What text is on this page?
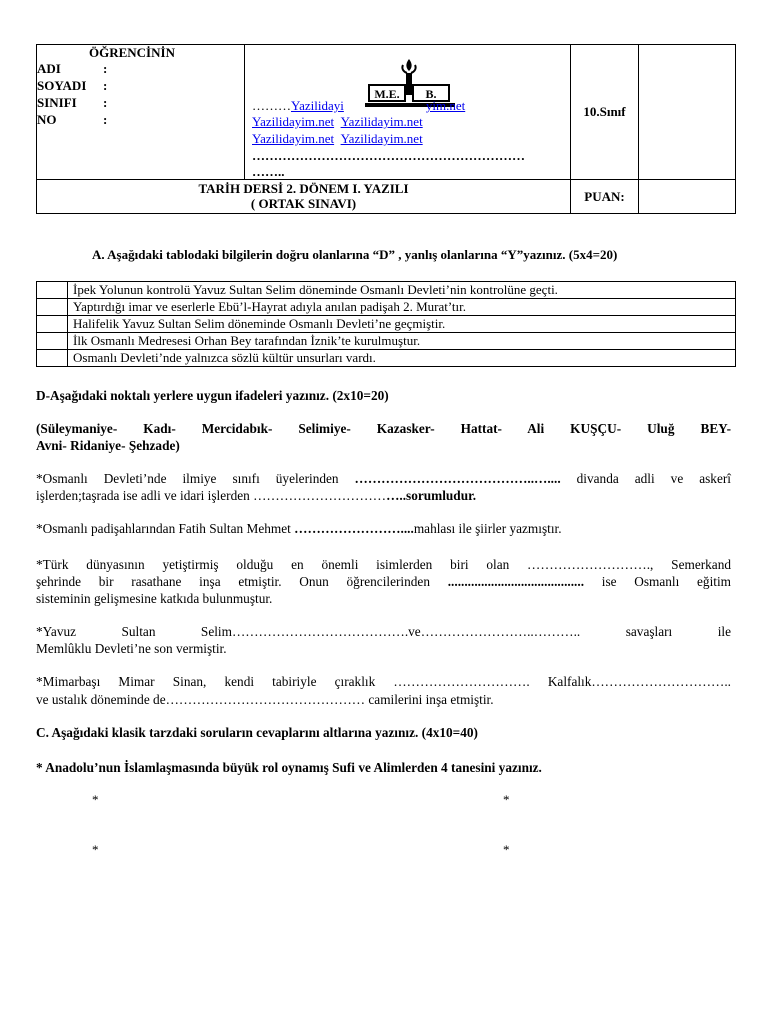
ÖĞRENCİNİN
ADI	:
SOYADI :
SINIFI :
NO	:
M.E. B.
………Yazilidayi	yim.net
Yazilidayim.net Yazilidayim.net
Yazilidayim.net Yazilidayim.net
………………………………………………………
……..
10.Sınıf
TARİH DERSİ 2. DÖNEM I. YAZILI
( ORTAK SINAVI)	PUAN:
A. Aşağıdaki tablodaki bilgilerin doğru olanlarına “D” , yanlış olanlarına “Y”yazınız. (5x4=20)
	İpek Yolunun kontrolü Yavuz Sultan Selim döneminde Osmanlı Devleti’nin kontrolüne geçti.
	Yaptırdığı imar ve eserlerle Ebü’l-Hayrat adıyla anılan padişah 2. Murat’tır.
	Halifelik Yavuz Sultan Selim döneminde Osmanlı Devleti’ne geçmiştir.
	İlk Osmanlı Medresesi Orhan Bey tarafından İznik’te kurulmuştur.
	Osmanlı Devleti’nde yalnızca sözlü kültür unsurları vardı.
D-Aşağıdaki noktalı yerlere uygun ifadeleri yazınız. (2x10=20)
(Süleymaniye- Kadı- Mercidabık- Selimiye- Kazasker- Hattat- Ali KUŞÇU- Uluğ BEY-
Avni- Ridaniye- Şehzade)
*Osmanlı Devleti’nde ilmiye sınıfı üyelerinden …………………………………..….... divanda adli ve askerî
işlerden;taşrada ise adli ve idari işlerden ……………………………..sorumludur.
*Osmanlı padişahlarından Fatih Sultan Mehmet ……………………....mahlası ile şiirler yazmıştır.
*Türk dünyasının yetiştirmiş olduğu en önemli isimlerden biri olan ………………………., Semerkand
şehrinde bir rasathane inşa etmiştir. Onun öğrencilerinden ......................................... ise Osmanlı eğitim
sisteminin gelişmesine katkıda bulunmuştur.
*Yavuz Sultan Selim………………………………….ve……………………..……….. savaşları ile
Memlûklu Devleti’ne son vermiştir.
*Mimarbaşı Mimar Sinan, kendi tabiriyle çıraklık …………………………. Kalfalık…………………………..
ve ustalık döneminde de……………………………………… camilerini inşa etmiştir.
C. Aşağıdaki klasik tarzdaki soruların cevaplarını altlarına yazınız. (4x10=40)
* Anadolu’nun İslamlaşmasında büyük rol oynamış Sufi ve Alimlerden 4 tanesini yazınız.
*	*
*	*
